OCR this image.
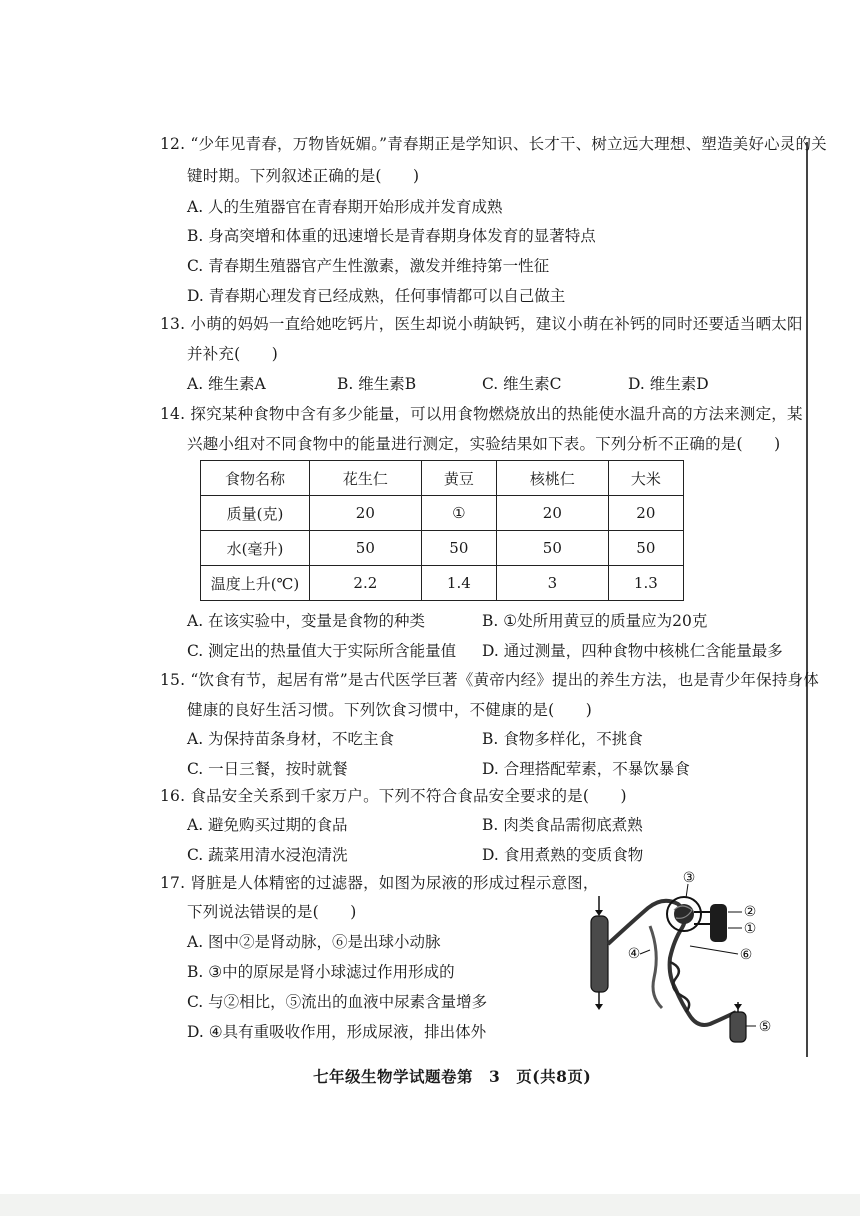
12. “少年见青春，万物皆妩媚。”青春期正是学知识、长才干、树立远大理想、塑造美好心灵的关
键时期。下列叙述正确的是(　　)
A. 人的生殖器官在青春期开始形成并发育成熟
B. 身高突增和体重的迅速增长是青春期身体发育的显著特点
C. 青春期生殖器官产生性激素，激发并维持第一性征
D. 青春期心理发育已经成熟，任何事情都可以自己做主
13. 小萌的妈妈一直给她吃钙片，医生却说小萌缺钙，建议小萌在补钙的同时还要适当晒太阳
并补充(　　)
A. 维生素A	B. 维生素B	C. 维生素C	D. 维生素D
14. 探究某种食物中含有多少能量，可以用食物燃烧放出的热能使水温升高的方法来测定，某
兴趣小组对不同食物中的能量进行测定，实验结果如下表。下列分析不正确的是(　　)
食物名称	花生仁	黄豆	核桃仁	大米
质量(克)	20	①	20	20
水(毫升)	50	50	50	50
温度上升(℃)	2.2	1.4	3	1.3
A. 在该实验中，变量是食物的种类	B. ①处所用黄豆的质量应为20克
C. 测定出的热量值大于实际所含能量值 D. 通过测量，四种食物中核桃仁含能量最多
15. “饮食有节，起居有常”是古代医学巨著《黄帝内经》提出的养生方法，也是青少年保持身体
健康的良好生活习惯。下列饮食习惯中，不健康的是(　　)
A. 为保持苗条身材，不吃主食	B. 食物多样化，不挑食
C. 一日三餐，按时就餐	D. 合理搭配荤素，不暴饮暴食
16. 食品安全关系到千家万户。下列不符合食品安全要求的是(　　)
A. 避免购买过期的食品	B. 肉类食品需彻底煮熟
C. 蔬菜用清水浸泡清洗	D. 食用煮熟的变质食物
17. 肾脏是人体精密的过滤器，如图为尿液的形成过程示意图，
下列说法错误的是(　　)
A. 图中②是肾动脉，⑥是出球小动脉
B. ③中的原尿是肾小球滤过作用形成的
C. 与②相比，⑤流出的血液中尿素含量增多
D. ④具有重吸收作用，形成尿液，排出体外
③
②
①
④	⑥
⑤
七年级生物学试题卷第　3　页(共8页)
